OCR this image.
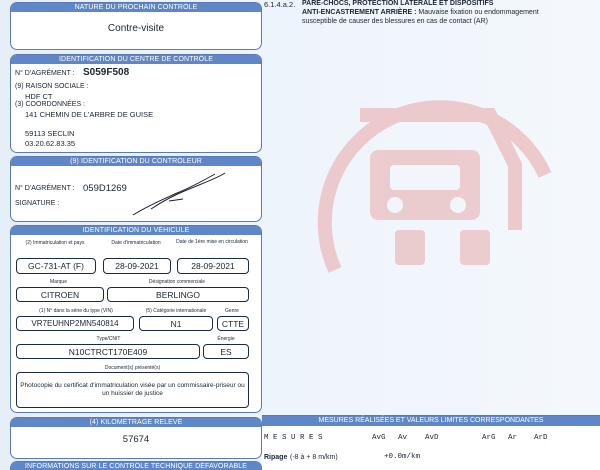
NATURE DU PROCHAIN CONTRÔLE
Contre-visite
IDENTIFICATION DU CENTRE DE CONTRÔLE
N° D'AGRÉMENT : S059F508
(9) RAISON SOCIALE :
HDF CT
(3) COORDONNÉES :
141 CHEMIN DE L'ARBRE DE GUISE
59113 SECLIN
03.20.62.83.35
(9) IDENTIFICATION DU CONTRÔLEUR
N° D'AGRÉMENT : 059D1269
SIGNATURE :
IDENTIFICATION DU VÉHICULE
(2) Immatriculation et pays	Date d'immatriculation	Date de 1ère mise en circulation
GC-731-AT (F)	28-09-2021	28-09-2021
Marque	Désignation commerciale
CITROEN	BERLINGO
(1) N° dans la série du type (VIN)	(5) Catégorie internationale	Genre
VR7EUHNP2MN540814	N1	CTTE
Type/CNIT	Énergie
N10CTRCT170E409	ES
Document(s) présenté(s)
Photocopie du certificat d'immatriculation visée par un commissaire-priseur ou un huissier de justice
(4) KILOMÉTRAGE RELEVÉ
57674
INFORMATIONS SUR LE CONTRÔLE TECHNIQUE DÉFAVORABLE
6.1.4.a.2. PARE-CHOCS, PROTECTION LATÉRALE ET DISPOSITIFS
ANTI-ENCASTREMENT ARRIÈRE : Mauvaise fixation ou endommagement
susceptible de causer des blessures en cas de contact (AR)
MESURES RÉALISÉES ET VALEURS LIMITES CORRESPONDANTES
M E S U R E S	AvG Av AvD	ArG Ar ArD
Ripage (-8 à + 8 m/km)	+0.0m/km
